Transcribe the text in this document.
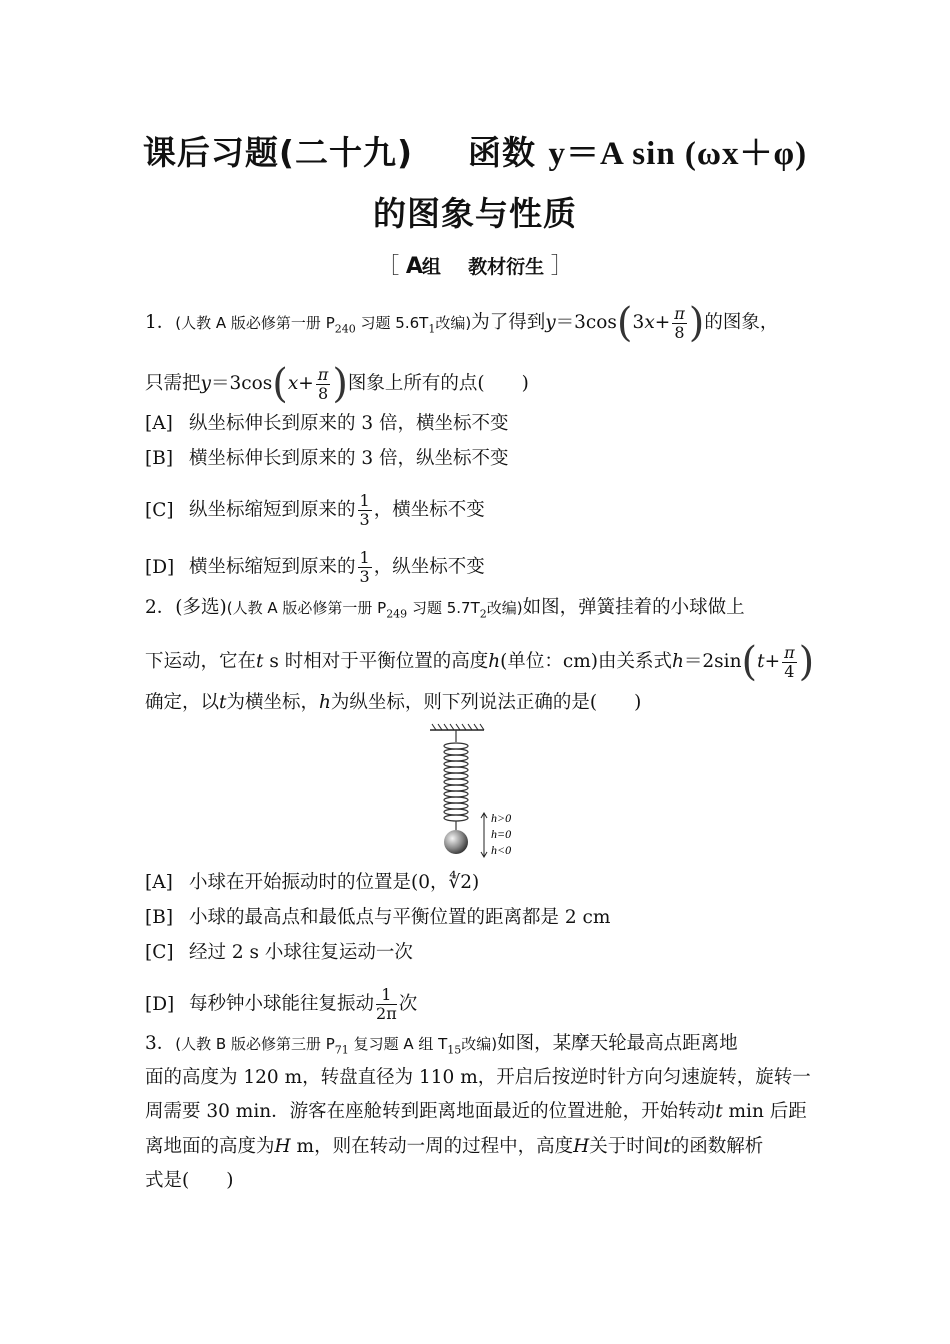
课后习题(二十九) 函数 y＝A sin (ωx＋φ)
的图象与性质
［ A组 教材衍生 ］
1．(人教 A 版必修第一册 $P_{240}$ 习题 $5.6T_1$改编)为了得到$y=3\cos(3x+ \frac{\pi}{8}$ )的图象，
只需把$y=3\cos(x+ \frac{\pi}{8}$ )图象上所有的点(　　)
[A] 纵坐标伸长到原来的 3 倍，横坐标不变
[B] 横坐标伸长到原来的 3 倍，纵坐标不变
[C] 纵坐标缩短到原来的 $\frac{1}{3}$ ，横坐标不变
[D] 横坐标缩短到原来的 $\frac{1}{3}$ ，纵坐标不变
2．(多选)(人教 A 版必修第一册 $P_{249}$ 习题 $5.7T_2$改编)如图，弹簧挂着的小球做上
下运动，它在t s 时相对于平衡位置的高度h(单位：cm)由关系式$h=2\sin(t+ \frac{\pi}{4}$ )
确定，以t为横坐标，h为纵坐标，则下列说法正确的是(　　)
h>0
h=0
h<0
[A] 小球在开始振动时的位置是(0，∜2)
[B] 小球的最高点和最低点与平衡位置的距离都是 2 cm
[C] 经过 2 s 小球往复运动一次
[D] 每秒钟小球能往复振动 $\frac{1}{2\pi}$ 次
3．(人教 B 版必修第三册 $P_{71}$ 复习题 A 组 $T_{15}$改编)如图，某摩天轮最高点距离地
面的高度为 120 m，转盘直径为 110 m，开启后按逆时针方向匀速旋转，旋转一
周需要 30 min．游客在座舱转到距离地面最近的位置进舱，开始转动t min 后距
离地面的高度为H m，则在转动一周的过程中，高度H关于时间t的函数解析
式是(　　)
